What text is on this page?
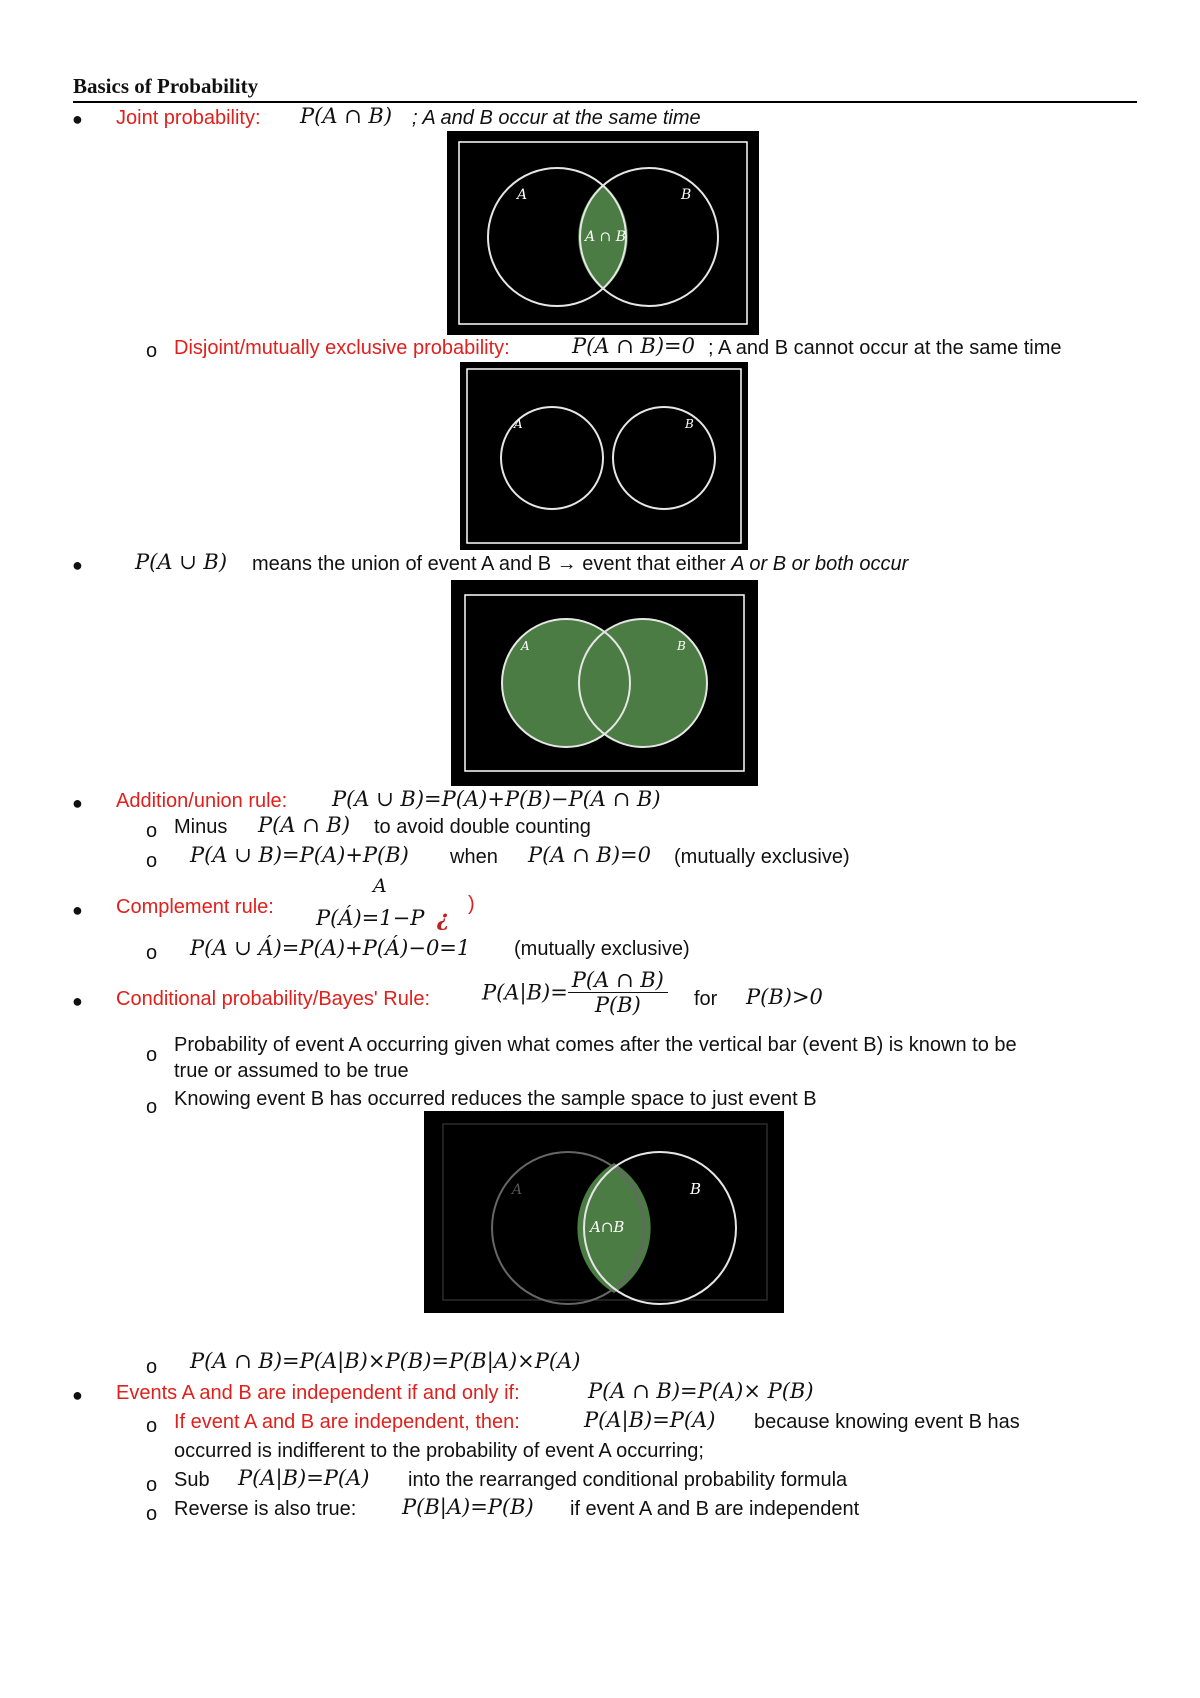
Basics of Probability
● Joint probability: P(A ∩ B) ; A and B occur at the same time
A	B
A ∩ B
o Disjoint/mutually exclusive probability:	P(A ∩ B)=0 ; A and B cannot occur at the same time
A	B
● P(A ∪ B) means the union of event A and B → event that either A or B or both occur
A	B
● Addition/union rule: P(A ∪ B)=P(A)+P(B)−P(A ∩ B)
o Minus P(A ∩ B) to avoid double counting
o P(A ∪ B)=P(A)+P(B) when P(A ∩ B)=0 (mutually exclusive)
● Complement rule:
A
P(Á)=1−P ¿
)
o P(A ∪ Á)=P(A)+P(Á)−0=1 (mutually exclusive)
● Conditional probability/Bayes' Rule: $P(A|B)= \frac{P(A \cap B)}{P(B)}$ for P(B)>0
o Probability of event A occurring given what comes after the vertical bar (event B) is known to be
true or assumed to be true
o Knowing event B has occurred reduces the sample space to just event B
A	B
A∩B
o P(A ∩ B)=P(A|B)×P(B)=P(B|A)×P(A)
● Events A and B are independent if and only if:	P(A ∩ B)=P(A)× P(B)
o If event A and B are independent, then:	P(A|B)=P(A) because knowing event B has
occurred is indifferent to the probability of event A occurring;
o Sub P(A|B)=P(A) into the rearranged conditional probability formula
o Reverse is also true: P(B|A)=P(B) if event A and B are independent
